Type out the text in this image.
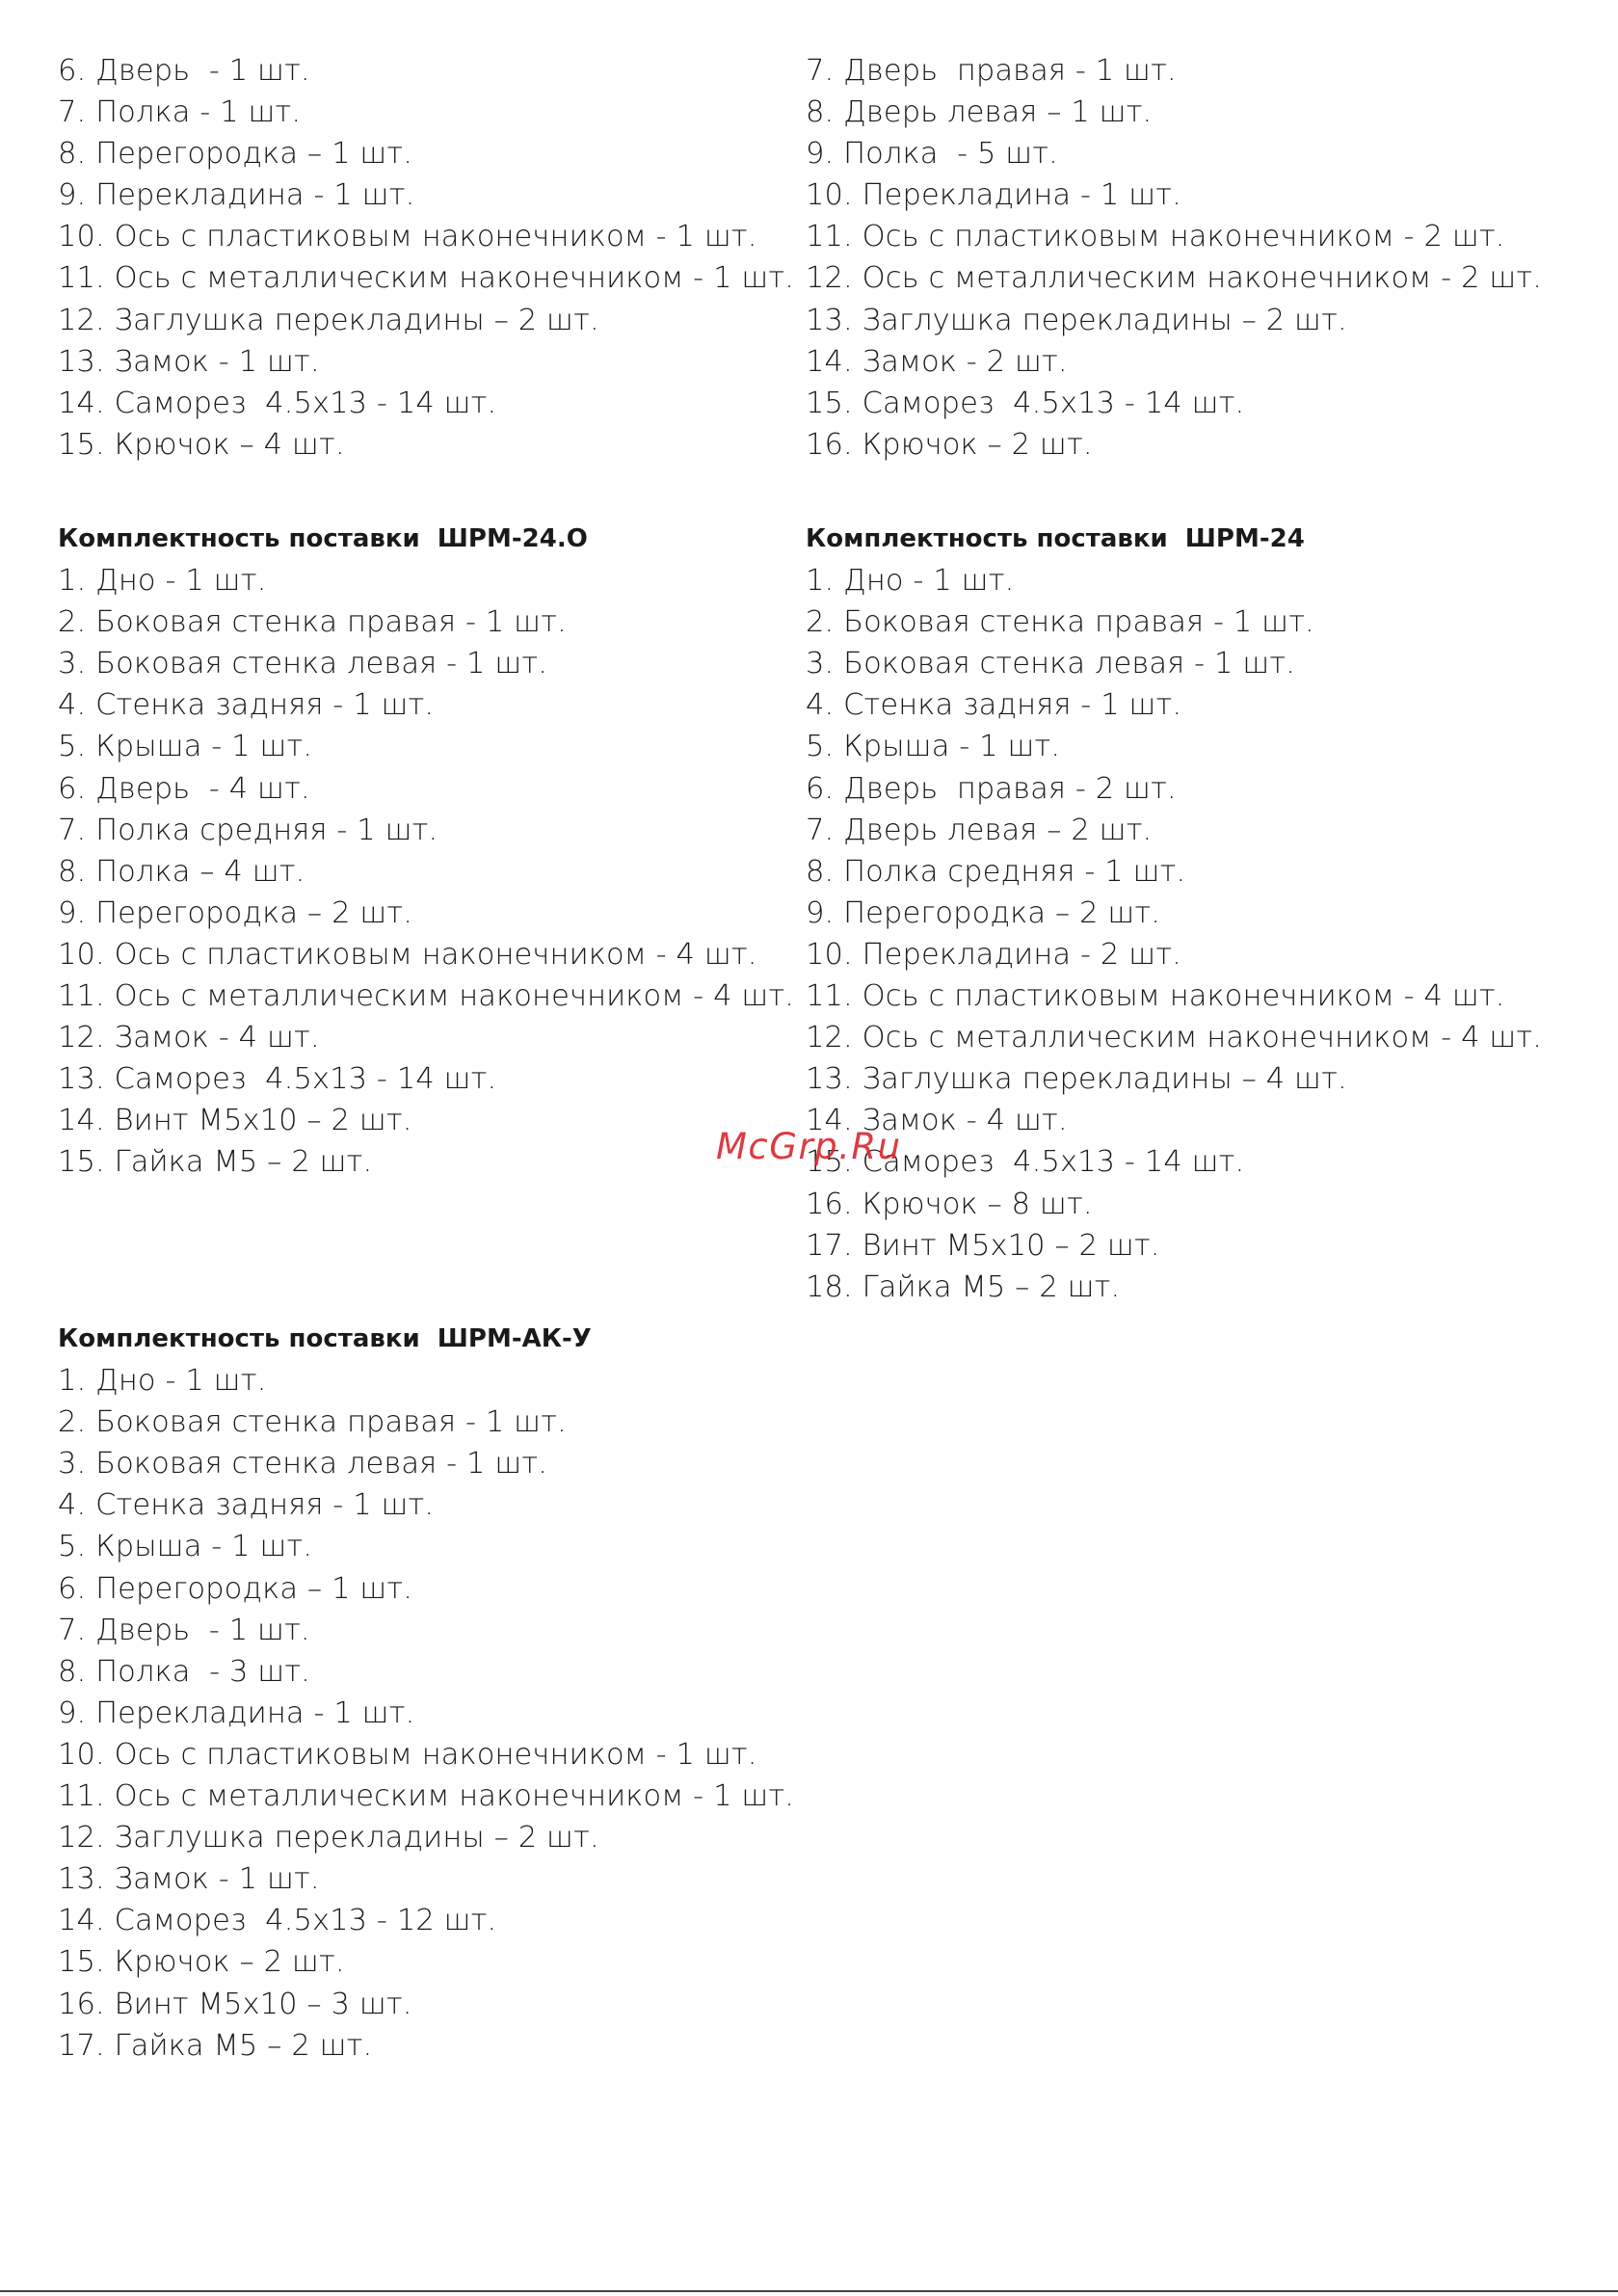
6. Дверь  - 1 шт.
7. Полка - 1 шт.
8. Перегородка – 1 шт.
9. Перекладина - 1 шт.
10. Ось с пластиковым наконечником - 1 шт.
11. Ось с металлическим наконечником - 1 шт.
12. Заглушка перекладины – 2 шт.
13. Замок - 1 шт.
14. Саморез  4.5x13 - 14 шт.
15. Крючок – 4 шт.
7. Дверь  правая - 1 шт.
8. Дверь левая – 1 шт.
9. Полка  - 5 шт.
10. Перекладина - 1 шт.
11. Ось с пластиковым наконечником - 2 шт.
12. Ось с металлическим наконечником - 2 шт.
13. Заглушка перекладины – 2 шт.
14. Замок - 2 шт.
15. Саморез  4.5x13 - 14 шт.
16. Крючок – 2 шт.
Комплектность поставки  ШРМ-24.О
1. Дно - 1 шт.
2. Боковая стенка правая - 1 шт.
3. Боковая стенка левая - 1 шт.
4. Стенка задняя - 1 шт.
5. Крыша - 1 шт.
6. Дверь  - 4 шт.
7. Полка средняя - 1 шт.
8. Полка – 4 шт.
9. Перегородка – 2 шт.
10. Ось с пластиковым наконечником - 4 шт.
11. Ось с металлическим наконечником - 4 шт.
12. Замок - 4 шт.
13. Саморез  4.5x13 - 14 шт.
14. Винт М5x10 – 2 шт.
15. Гайка М5 – 2 шт.
Комплектность поставки  ШРМ-24
1. Дно - 1 шт.
2. Боковая стенка правая - 1 шт.
3. Боковая стенка левая - 1 шт.
4. Стенка задняя - 1 шт.
5. Крыша - 1 шт.
6. Дверь  правая - 2 шт.
7. Дверь левая – 2 шт.
8. Полка средняя - 1 шт.
9. Перегородка – 2 шт.
10. Перекладина - 2 шт.
11. Ось с пластиковым наконечником - 4 шт.
12. Ось с металлическим наконечником - 4 шт.
13. Заглушка перекладины – 4 шт.
14. Замок - 4 шт.
15. Саморез  4.5x13 - 14 шт.
16. Крючок – 8 шт.
17. Винт М5x10 – 2 шт.
18. Гайка М5 – 2 шт.
Комплектность поставки  ШРМ-АК-У
1. Дно - 1 шт.
2. Боковая стенка правая - 1 шт.
3. Боковая стенка левая - 1 шт.
4. Стенка задняя - 1 шт.
5. Крыша - 1 шт.
6. Перегородка – 1 шт.
7. Дверь  - 1 шт.
8. Полка  - 3 шт.
9. Перекладина - 1 шт.
10. Ось с пластиковым наконечником - 1 шт.
11. Ось с металлическим наконечником - 1 шт.
12. Заглушка перекладины – 2 шт.
13. Замок - 1 шт.
14. Саморез  4.5x13 - 12 шт.
15. Крючок – 2 шт.
16. Винт М5x10 – 3 шт.
17. Гайка М5 – 2 шт.
McGrp.Ru
